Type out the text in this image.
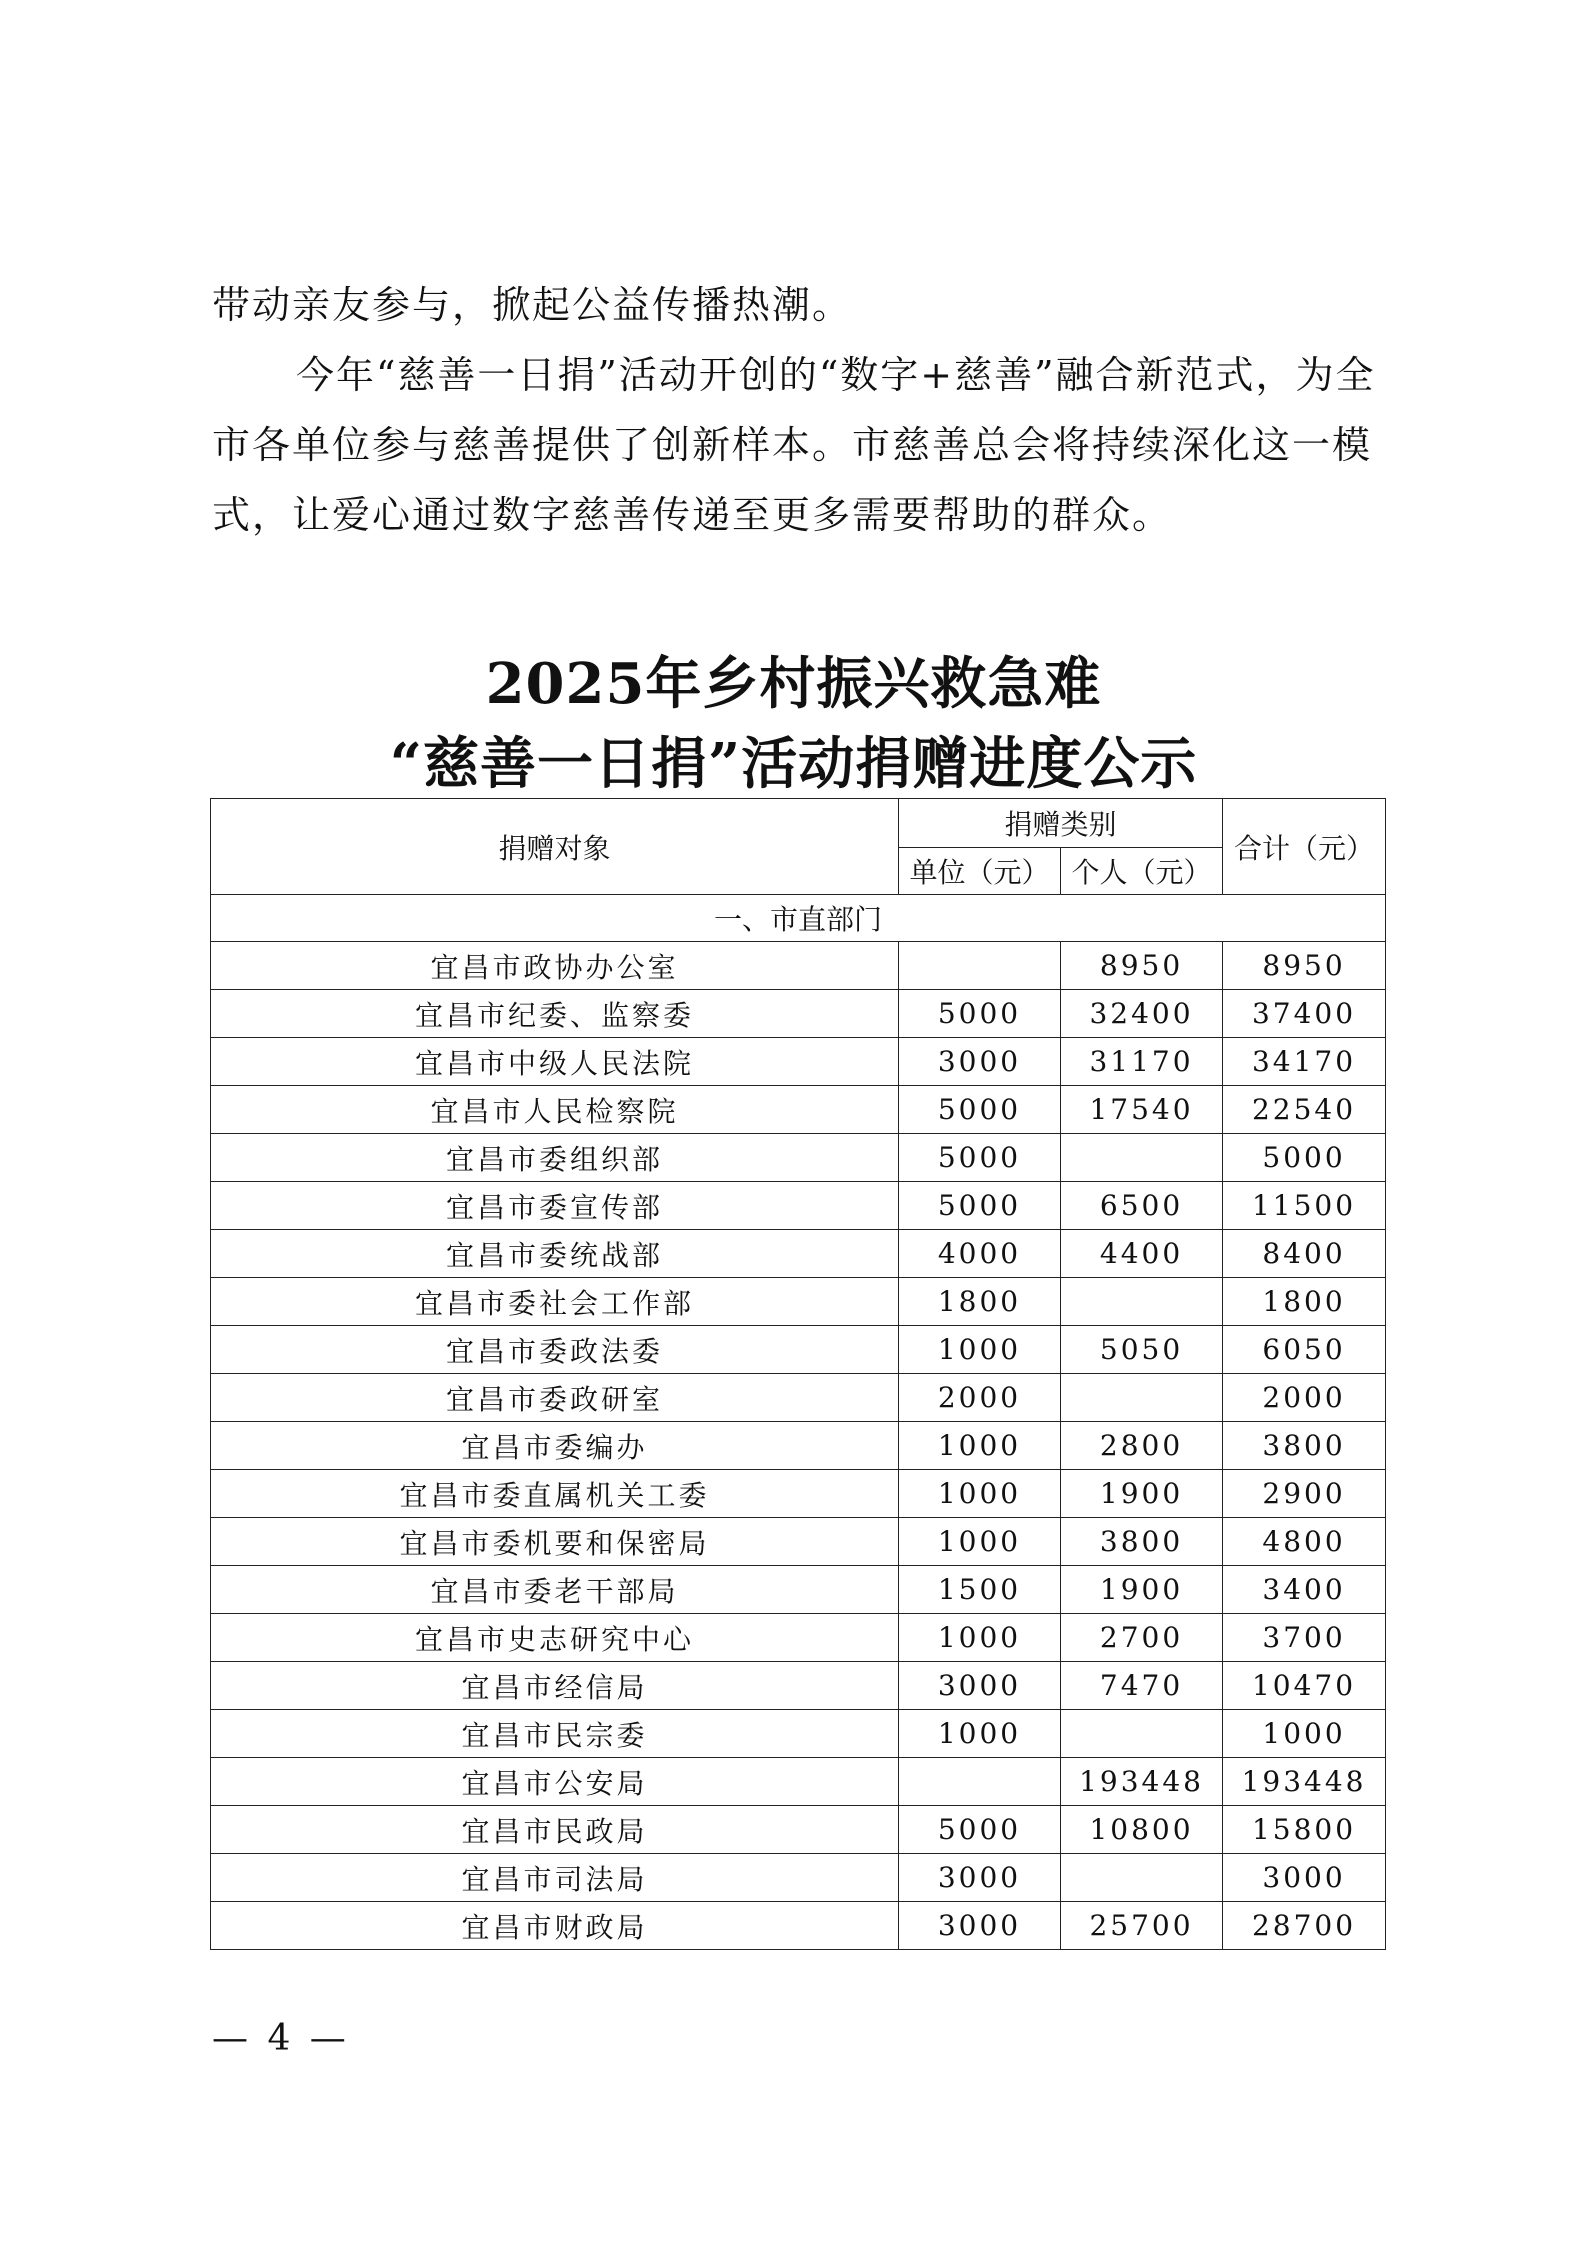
带动亲友参与，掀起公益传播热潮。

今年“慈善一日捐”活动开创的“数字+慈善”融合新范式，为全市各单位参与慈善提供了创新样本。市慈善总会将持续深化这一模式，让爱心通过数字慈善传递至更多需要帮助的群众。

2025年乡村振兴救急难
“慈善一日捐”活动捐赠进度公示
捐赠对象	捐赠类别		合计（元）
	单位（元）	个人（元）	
一、市直部门			
宜昌市政协办公室		8950	8950
宜昌市纪委、监察委	5000	32400	37400
宜昌市中级人民法院	3000	31170	34170
宜昌市人民检察院	5000	17540	22540
宜昌市委组织部	5000		5000
宜昌市委宣传部	5000	6500	11500
宜昌市委统战部	4000	4400	8400
宜昌市委社会工作部	1800		1800
宜昌市委政法委	1000	5050	6050
宜昌市委政研室	2000		2000
宜昌市委编办	1000	2800	3800
宜昌市委直属机关工委	1000	1900	2900
宜昌市委机要和保密局	1000	3800	4800
宜昌市委老干部局	1500	1900	3400
宜昌市史志研究中心	1000	2700	3700
宜昌市经信局	3000	7470	10470
宜昌市民宗委	1000		1000
宜昌市公安局		193448	193448
宜昌市民政局	5000	10800	15800
宜昌市司法局	3000		3000
宜昌市财政局	3000	25700	28700

— 4 —
